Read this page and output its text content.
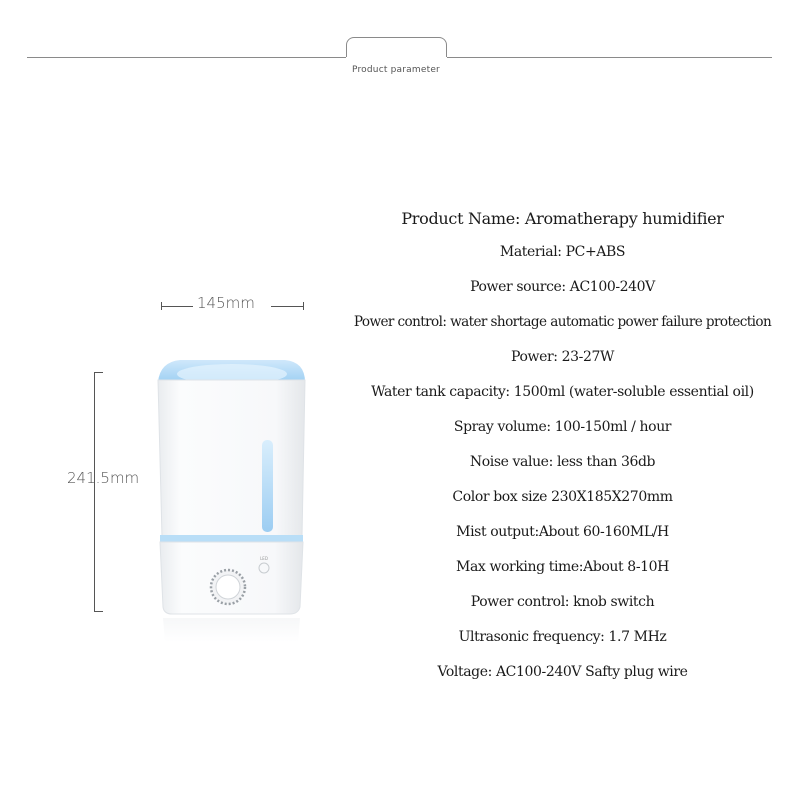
Product parameter
145mm
241.5mm
LED
Product Name: Aromatherapy humidifier
Material: PC+ABS
Power source: AC100-240V
Power control: water shortage automatic power failure protection
Power: 23-27W
Water tank capacity: 1500ml (water-soluble essential oil)
Spray volume: 100-150ml / hour
Noise value: less than 36db
Color box size 230X185X270mm
Mist output:About 60-160ML/H
Max working time:About 8-10H
Power control: knob switch
Ultrasonic frequency: 1.7 MHz
Voltage: AC100-240V Safty plug wire
